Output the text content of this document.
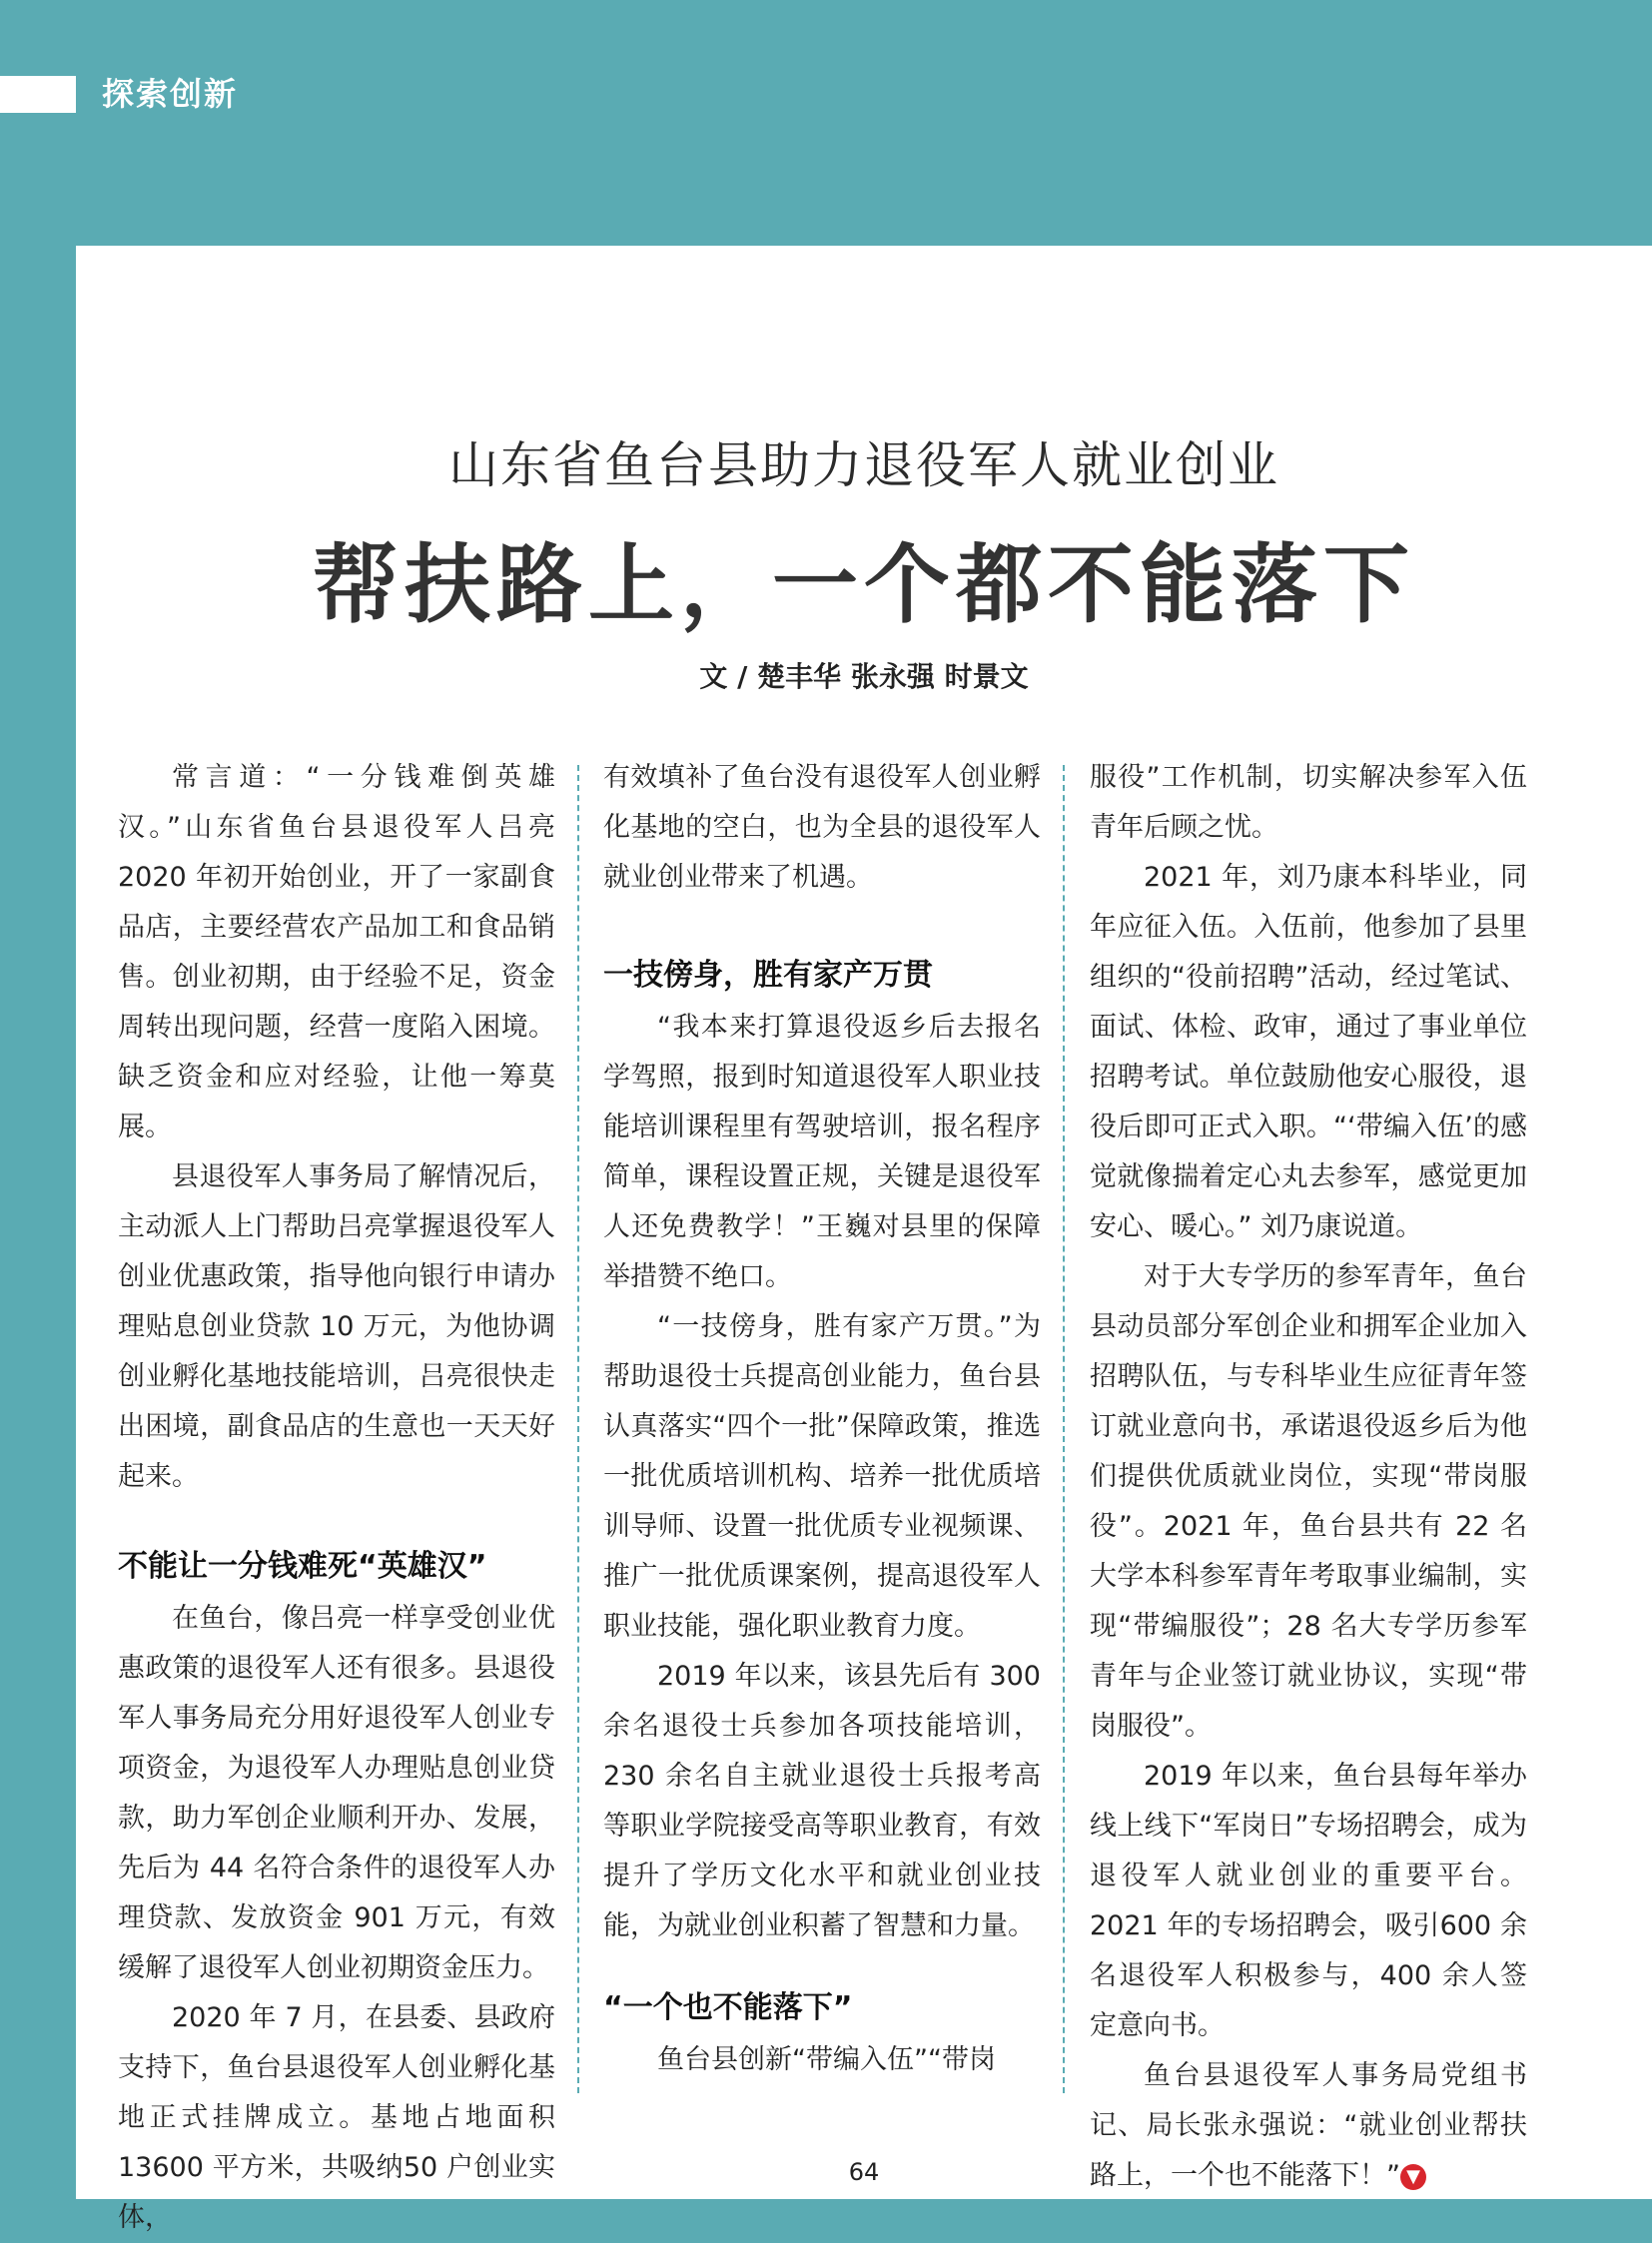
探索创新
山东省鱼台县助力退役军人就业创业
帮扶路上，一个都不能落下
文 / 楚丰华 张永强 时景文

常言道：“一分钱难倒英雄汉。”山东省鱼台县退役军人吕亮 2020 年初开始创业，开了一家副食品店，主要经营农产品加工和食品销售。创业初期，由于经验不足，资金周转出现问题，经营一度陷入困境。缺乏资金和应对经验，让他一筹莫展。

县退役军人事务局了解情况后，主动派人上门帮助吕亮掌握退役军人创业优惠政策，指导他向银行申请办理贴息创业贷款 10 万元，为他协调创业孵化基地技能培训，吕亮很快走出困境，副食品店的生意也一天天好起来。

不能让一分钱难死“英雄汉”

在鱼台，像吕亮一样享受创业优惠政策的退役军人还有很多。县退役军人事务局充分用好退役军人创业专项资金，为退役军人办理贴息创业贷款，助力军创企业顺利开办、发展，先后为 44 名符合条件的退役军人办理贷款、发放资金 901 万元，有效缓解了退役军人创业初期资金压力。

2020 年 7 月，在县委、县政府支持下，鱼台县退役军人创业孵化基地正式挂牌成立。基地占地面积13600 平方米，共吸纳50 户创业实体，

有效填补了鱼台没有退役军人创业孵化基地的空白，也为全县的退役军人就业创业带来了机遇。

一技傍身，胜有家产万贯

“我本来打算退役返乡后去报名学驾照，报到时知道退役军人职业技能培训课程里有驾驶培训，报名程序简单，课程设置正规，关键是退役军人还免费教学！”王巍对县里的保障举措赞不绝口。

“一技傍身，胜有家产万贯。”为帮助退役士兵提高创业能力，鱼台县认真落实“四个一批”保障政策，推选一批优质培训机构、培养一批优质培训导师、设置一批优质专业视频课、推广一批优质课案例，提高退役军人职业技能，强化职业教育力度。

2019 年以来，该县先后有 300 余名退役士兵参加各项技能培训，230 余名自主就业退役士兵报考高等职业学院接受高等职业教育，有效提升了学历文化水平和就业创业技能，为就业创业积蓄了智慧和力量。

“一个也不能落下”

鱼台县创新“带编入伍”“带岗

服役”工作机制，切实解决参军入伍青年后顾之忧。

2021 年，刘乃康本科毕业，同年应征入伍。入伍前，他参加了县里组织的“役前招聘”活动，经过笔试、面试、体检、政审，通过了事业单位招聘考试。单位鼓励他安心服役，退役后即可正式入职。“‘带编入伍’的感觉就像揣着定心丸去参军，感觉更加安心、暖心。” 刘乃康说道。

对于大专学历的参军青年，鱼台县动员部分军创企业和拥军企业加入招聘队伍，与专科毕业生应征青年签订就业意向书，承诺退役返乡后为他们提供优质就业岗位，实现“带岗服役”。2021 年，鱼台县共有 22 名大学本科参军青年考取事业编制，实现“带编服役”；28 名大专学历参军青年与企业签订就业协议，实现“带岗服役”。

2019 年以来，鱼台县每年举办线上线下“军岗日”专场招聘会，成为退役军人就业创业的重要平台。2021 年的专场招聘会，吸引600 余名退役军人积极参与，400 余人签定意向书。

鱼台县退役军人事务局党组书记、局长张永强说：“就业创业帮扶路上，一个也不能落下！” ▼

64
